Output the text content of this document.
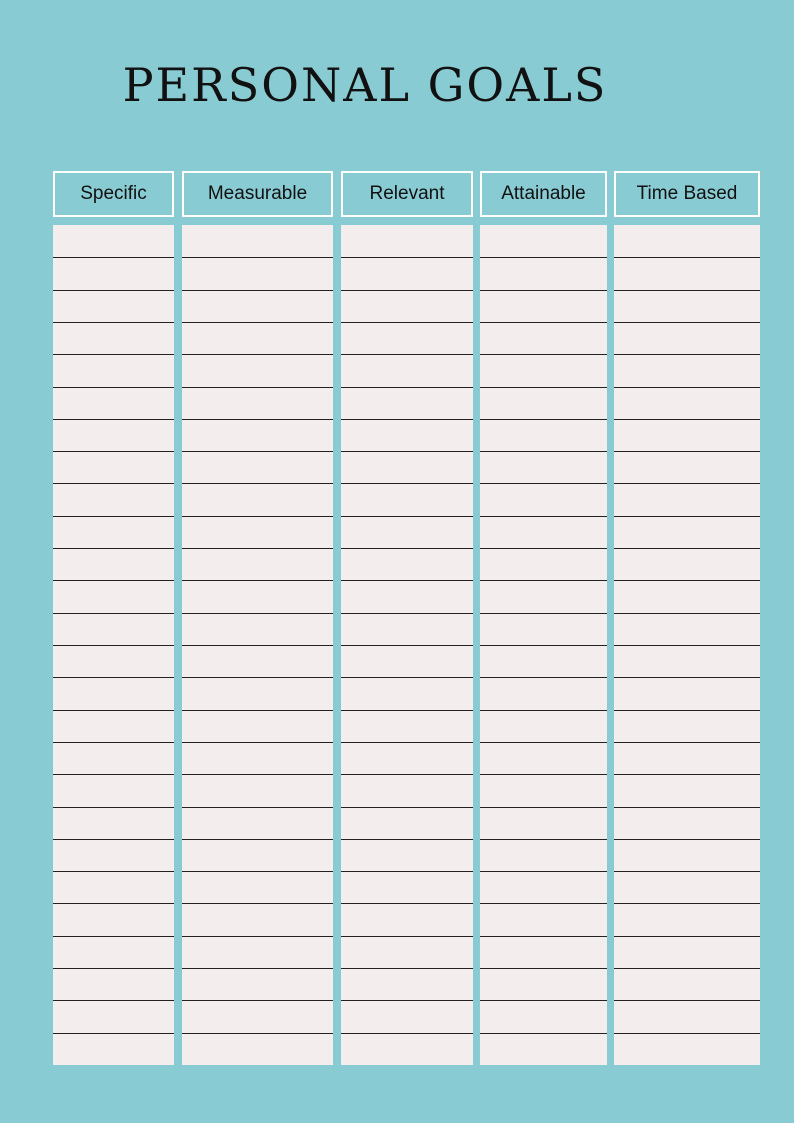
PERSONAL GOALS
Specific	Measurable	Relevant	Attainable	Time Based
